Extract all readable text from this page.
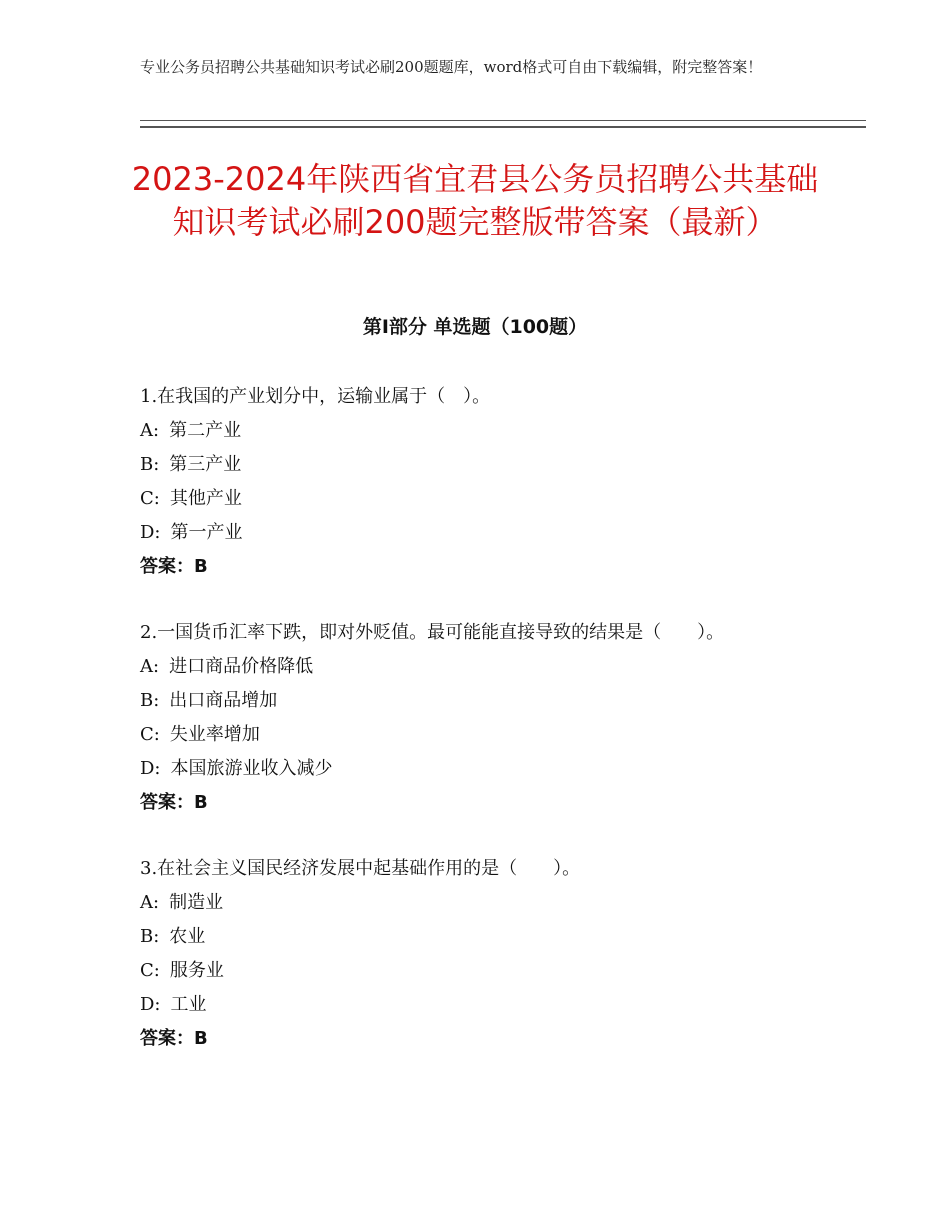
专业公务员招聘公共基础知识考试必刷200题题库，word格式可自由下载编辑，附完整答案！
2023-2024年陕西省宜君县公务员招聘公共基础知识考试必刷200题完整版带答案（最新）
第Ⅰ部分 单选题（100题）

1.在我国的产业划分中，运输业属于（　）。

A: 第二产业

B: 第三产业

C: 其他产业

D: 第一产业

答案：B

2.一国货币汇率下跌，即对外贬值。最可能能直接导致的结果是（　　）。

A: 进口商品价格降低

B: 出口商品增加

C: 失业率增加

D: 本国旅游业收入减少

答案：B

3.在社会主义国民经济发展中起基础作用的是（　　）。

A: 制造业

B: 农业

C: 服务业

D: 工业

答案：B
